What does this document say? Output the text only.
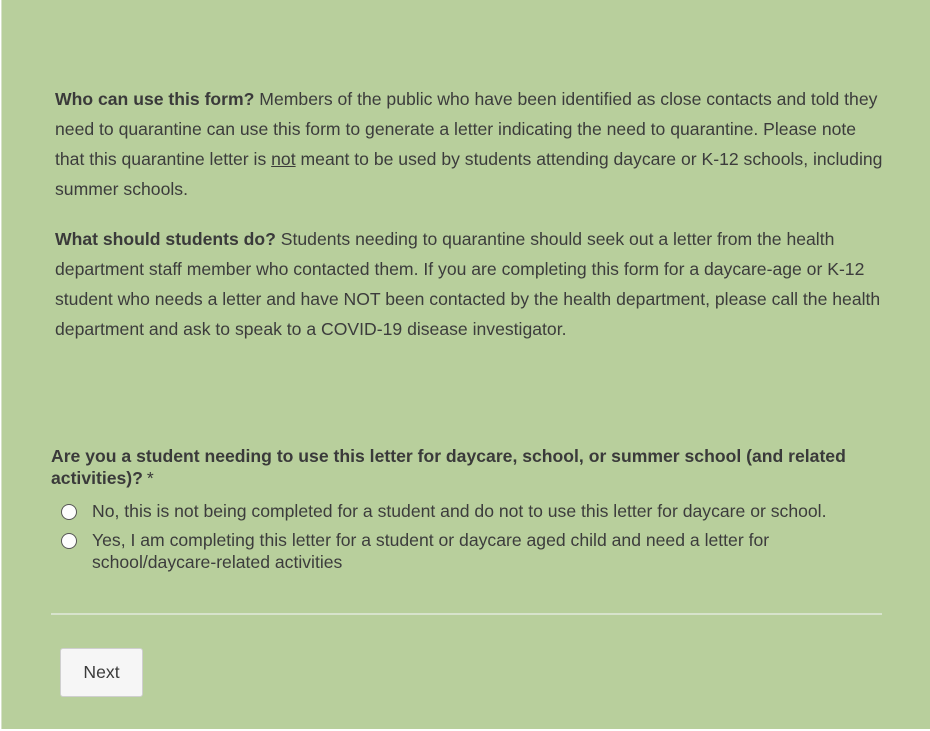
Who can use this form? Members of the public who have been identified as close contacts and told they need to quarantine can use this form to generate a letter indicating the need to quarantine. Please note that this quarantine letter is not meant to be used by students attending daycare or K-12 schools, including summer schools.

What should students do? Students needing to quarantine should seek out a letter from the health department staff member who contacted them. If you are completing this form for a daycare-age or K-12 student who needs a letter and have NOT been contacted by the health department, please call the health department and ask to speak to a COVID-19 disease investigator.

Are you a student needing to use this letter for daycare, school, or summer school (and related activities)? *
No, this is not being completed for a student and do not to use this letter for daycare or school.
Yes, I am completing this letter for a student or daycare aged child and need a letter for school/daycare-related activities
Next
